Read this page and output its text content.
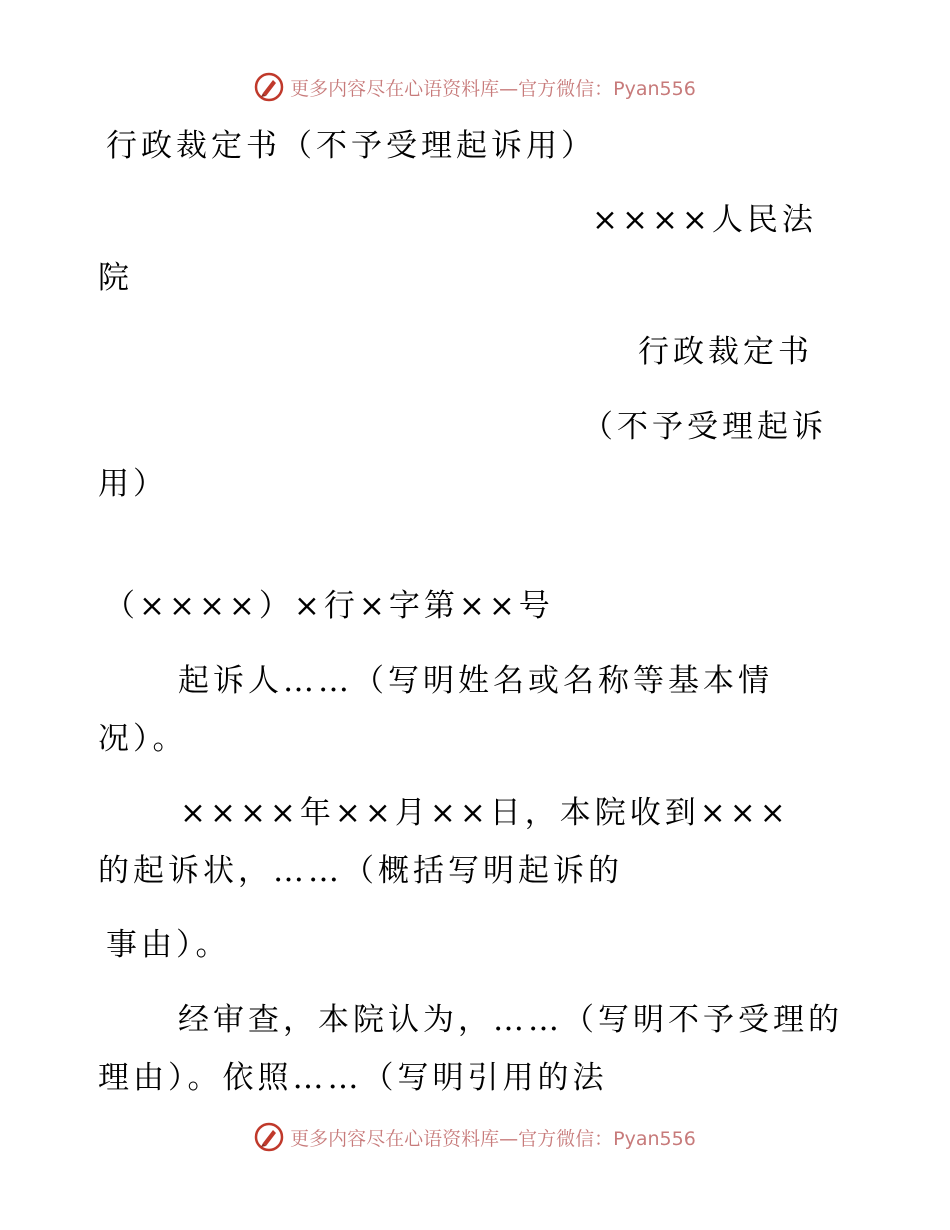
更多内容尽在心语资料库—官方微信：Pyan556
行政裁定书（不予受理起诉用）
××××人民法
院
行政裁定书
（不予受理起诉
用）
（××××）×行×字第××号
起诉人……（写明姓名或名称等基本情
况）。
××××年××月××日，本院收到×××
的起诉状，……（概括写明起诉的
事由）。
经审查，本院认为，……（写明不予受理的
理由）。依照……（写明引用的法
更多内容尽在心语资料库—官方微信：Pyan556
